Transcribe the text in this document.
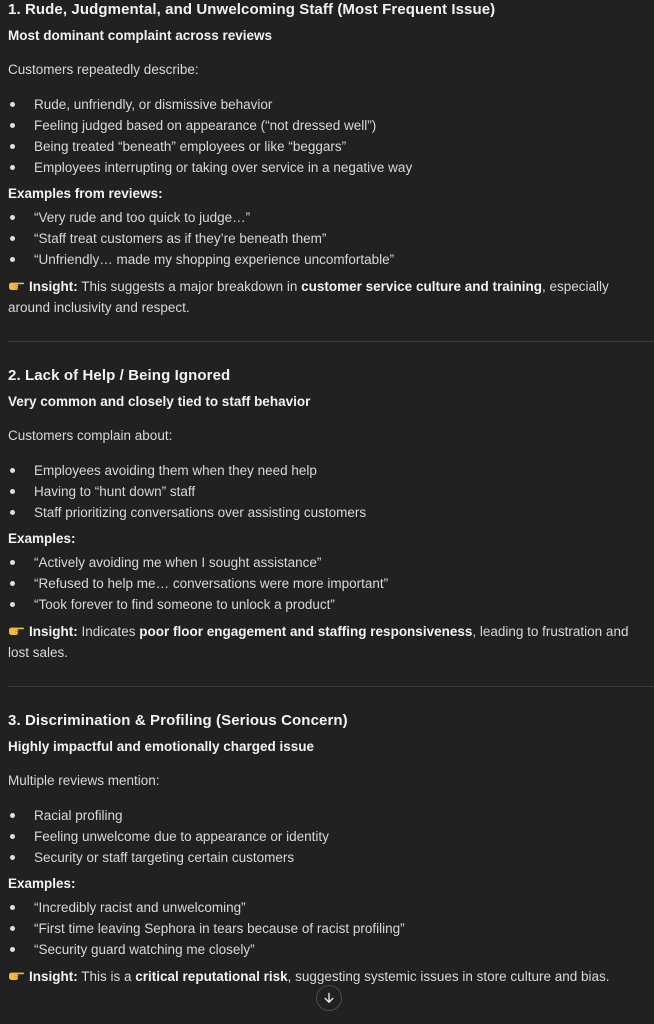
1. Rude, Judgmental, and Unwelcoming Staff (Most Frequent Issue)
Most dominant complaint across reviews
Customers repeatedly describe:
Rude, unfriendly, or dismissive behavior
Feeling judged based on appearance (“not dressed well”)
Being treated “beneath” employees or like “beggars”
Employees interrupting or taking over service in a negative way
Examples from reviews:
“Very rude and too quick to judge…”
“Staff treat customers as if they’re beneath them”
“Unfriendly… made my shopping experience uncomfortable”
Insight: This suggests a major breakdown in customer service culture and training, especially around inclusivity and respect.
2. Lack of Help / Being Ignored
Very common and closely tied to staff behavior
Customers complain about:
Employees avoiding them when they need help
Having to “hunt down” staff
Staff prioritizing conversations over assisting customers
Examples:
“Actively avoiding me when I sought assistance”
“Refused to help me… conversations were more important”
“Took forever to find someone to unlock a product”
Insight: Indicates poor floor engagement and staffing responsiveness, leading to frustration and lost sales.
3. Discrimination & Profiling (Serious Concern)
Highly impactful and emotionally charged issue
Multiple reviews mention:
Racial profiling
Feeling unwelcome due to appearance or identity
Security or staff targeting certain customers
Examples:
“Incredibly racist and unwelcoming”
“First time leaving Sephora in tears because of racist profiling”
“Security guard watching me closely”
Insight: This is a critical reputational risk, suggesting systemic issues in store culture and bias.
